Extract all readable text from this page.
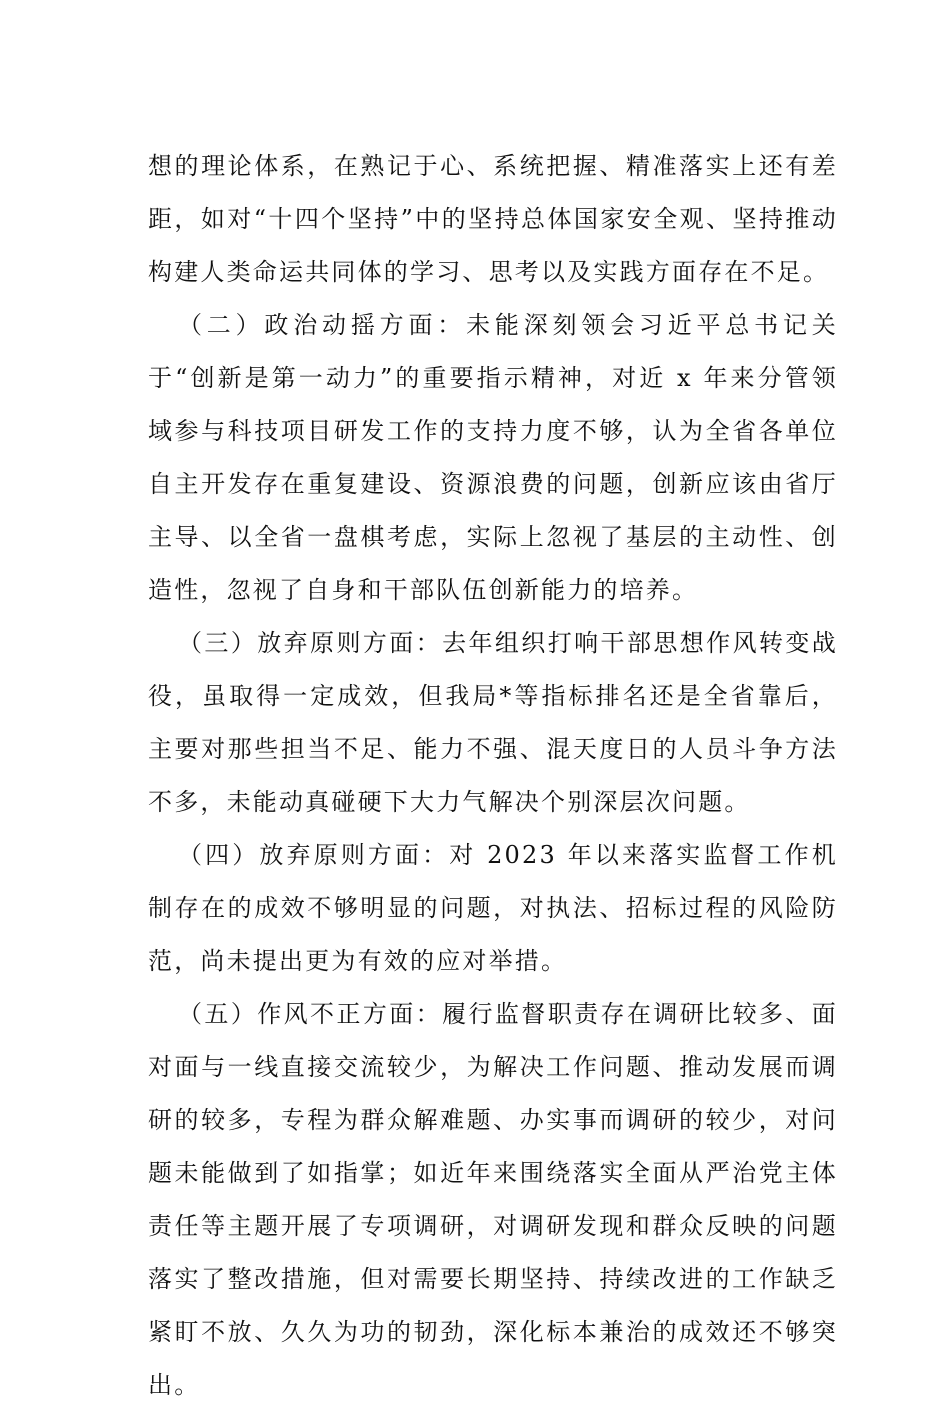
想的理论体系，在熟记于心、系统把握、精准落实上还有差距，如对“十四个坚持”中的坚持总体国家安全观、坚持推动构建人类命运共同体的学习、思考以及实践方面存在不足。

（二）政治动摇方面：未能深刻领会习近平总书记关于“创新是第一动力”的重要指示精神，对近 x 年来分管领域参与科技项目研发工作的支持力度不够，认为全省各单位自主开发存在重复建设、资源浪费的问题，创新应该由省厅主导、以全省一盘棋考虑，实际上忽视了基层的主动性、创造性，忽视了自身和干部队伍创新能力的培养。

（三）放弃原则方面：去年组织打响干部思想作风转变战役，虽取得一定成效，但我局*等指标排名还是全省靠后，主要对那些担当不足、能力不强、混天度日的人员斗争方法不多，未能动真碰硬下大力气解决个别深层次问题。

（四）放弃原则方面：对 2023 年以来落实监督工作机制存在的成效不够明显的问题，对执法、招标过程的风险防范，尚未提出更为有效的应对举措。

（五）作风不正方面：履行监督职责存在调研比较多、面对面与一线直接交流较少，为解决工作问题、推动发展而调研的较多，专程为群众解难题、办实事而调研的较少，对问题未能做到了如指掌；如近年来围绕落实全面从严治党主体责任等主题开展了专项调研，对调研发现和群众反映的问题落实了整改措施，但对需要长期坚持、持续改进的工作缺乏紧盯不放、久久为功的韧劲，深化标本兼治的成效还不够突出。
